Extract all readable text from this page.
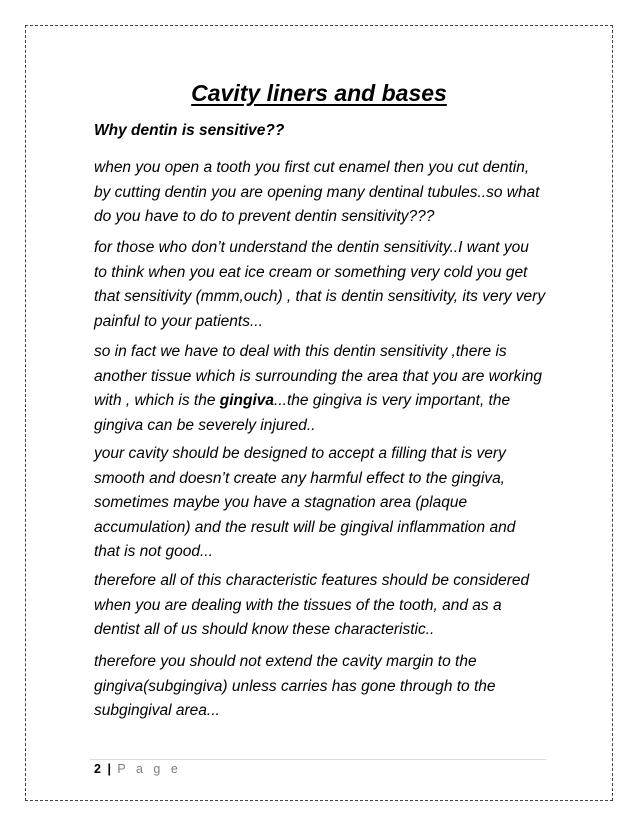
Cavity liners and bases

Why dentin is sensitive??

when you open a tooth you first cut enamel then you cut dentin,
by cutting dentin you are opening many dentinal tubules..so what
do you have to do to prevent dentin sensitivity???

for those who don’t understand the dentin sensitivity..I want you
to think when you eat ice cream or something very cold you get
that sensitivity (mmm,ouch) , that is dentin sensitivity, its very very
painful to your patients...

so in fact we have to deal with this dentin sensitivity ,there is
another tissue which is surrounding the area that you are working
with , which is the gingiva...the gingiva is very important, the
gingiva can be severely injured..

your cavity should be designed to accept a filling that is very
smooth and doesn’t create any harmful effect to the gingiva,
sometimes maybe you have a stagnation area (plaque
accumulation) and the result will be gingival inflammation and
that is not good...

therefore all of this characteristic features should be considered
when you are dealing with the tissues of the tooth, and as a
dentist all of us should know these characteristic..

therefore you should not extend the cavity margin to the
gingiva(subgingiva) unless carries has gone through to the
subgingival area...

2 | P a g e
